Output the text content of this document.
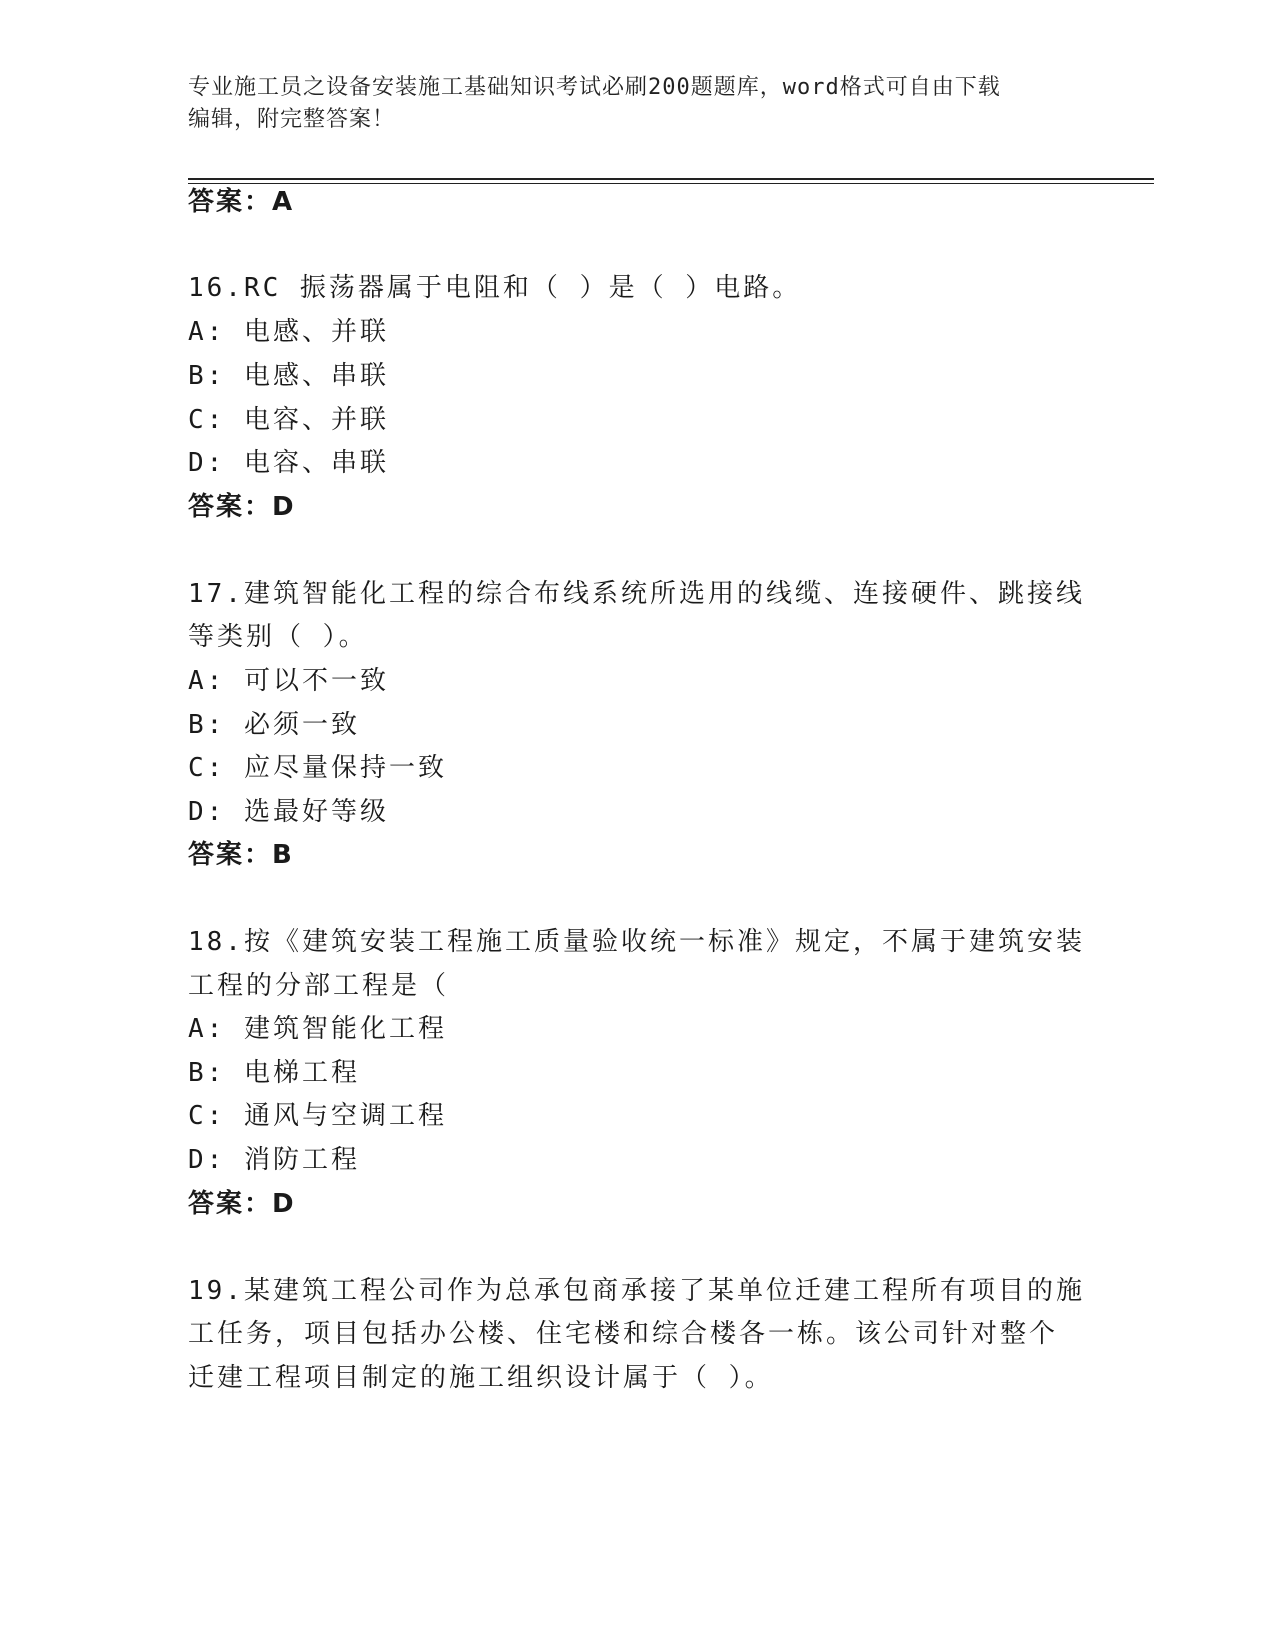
专业施工员之设备安装施工基础知识考试必刷200题题库，word格式可自由下载
编辑，附完整答案！
答案：A
16.RC 振荡器属于电阻和（ ）是（ ）电路。
A: 电感、并联
B: 电感、串联
C: 电容、并联
D: 电容、串联
答案：D
17.建筑智能化工程的综合布线系统所选用的线缆、连接硬件、跳接线
等类别（ ）。
A: 可以不一致
B: 必须一致
C: 应尽量保持一致
D: 选最好等级
答案：B
18.按《建筑安装工程施工质量验收统一标准》规定，不属于建筑安装
工程的分部工程是（
A: 建筑智能化工程
B: 电梯工程
C: 通风与空调工程
D: 消防工程
答案：D
19.某建筑工程公司作为总承包商承接了某单位迁建工程所有项目的施
工任务，项目包括办公楼、住宅楼和综合楼各一栋。该公司针对整个
迁建工程项目制定的施工组织设计属于（ ）。
